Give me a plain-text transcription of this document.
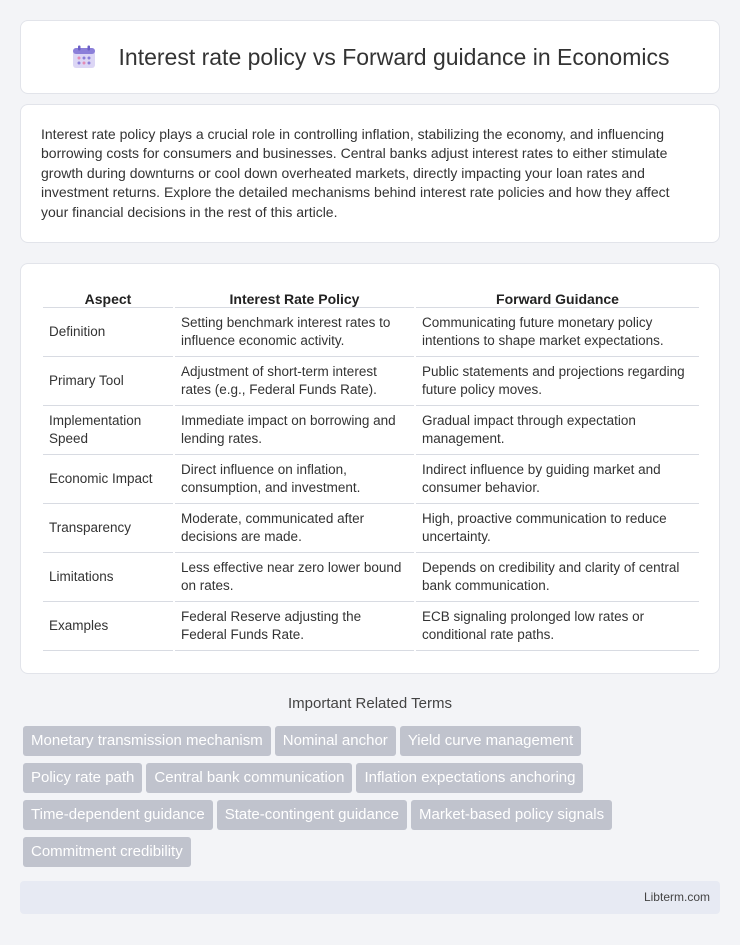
Interest rate policy vs Forward guidance in Economics

Interest rate policy plays a crucial role in controlling inflation, stabilizing the economy, and influencing borrowing costs for consumers and businesses. Central banks adjust interest rates to either stimulate growth during downturns or cool down overheated markets, directly impacting your loan rates and investment returns. Explore the detailed mechanisms behind interest rate policies and how they affect your financial decisions in the rest of this article.

Aspect	Interest Rate Policy	Forward Guidance
Definition	Setting benchmark interest rates to influence economic activity.	Communicating future monetary policy intentions to shape market expectations.
Primary Tool	Adjustment of short-term interest rates (e.g., Federal Funds Rate).	Public statements and projections regarding future policy moves.
Implementation Speed	Immediate impact on borrowing and lending rates.	Gradual impact through expectation management.
Economic Impact	Direct influence on inflation, consumption, and investment.	Indirect influence by guiding market and consumer behavior.
Transparency	Moderate, communicated after decisions are made.	High, proactive communication to reduce uncertainty.
Limitations	Less effective near zero lower bound on rates.	Depends on credibility and clarity of central bank communication.
Examples	Federal Reserve adjusting the Federal Funds Rate.	ECB signaling prolonged low rates or conditional rate paths.
Important Related Terms
Monetary transmission mechanism Nominal anchor Yield curve management
Policy rate path Central bank communication Inflation expectations anchoring
Time-dependent guidance State-contingent guidance Market-based policy signals
Commitment credibility
Libterm.com
